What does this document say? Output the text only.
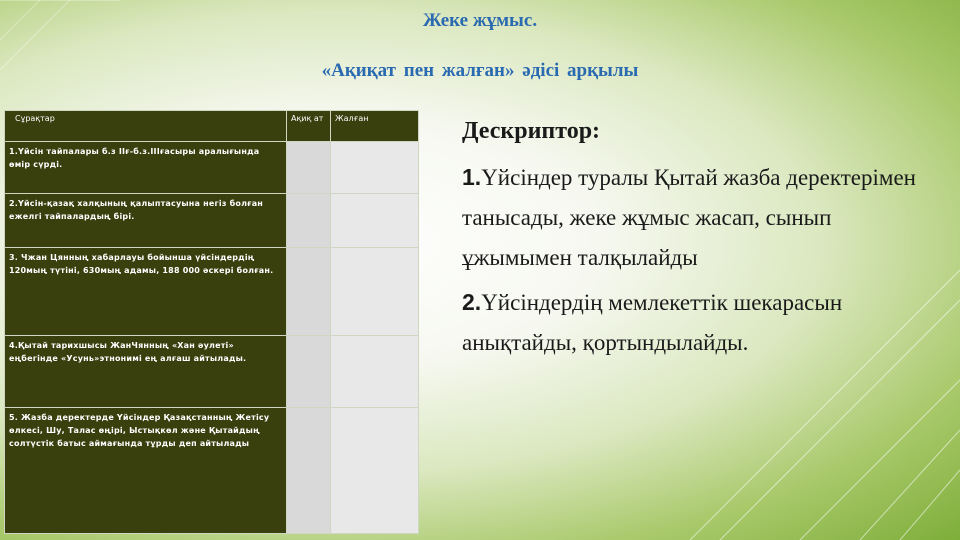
Жеке жұмыс.
«Ақиқат пен жалған» әдісі арқылы
Сұрақтар	Ақиқ ат	Жалған
1.Үйсін тайпалары б.з IIғ-б.з.IIIғасыры аралығында өмір сүрді.		
2.Үйсін-қазақ халқының қалыптасуына негіз болған ежелгі тайпалардың бірі.		
3. Чжан Цянның хабарлауы бойынша үйсіндердің 120мың түтіні, 630мың адамы, 188 000 әскері болған.		
4.Қытай тарихшысы ЖанЧянның «Хан әулеті» еңбегінде «Усунь»этнонимі ең алғаш айтылады.		
5. Жазба деректерде Үйсіндер Қазақстанның Жетісу өлкесі, Шу, Талас өңірі, Ыстықкөл және Қытайдың солтүстік батыс аймағында тұрды деп айтылады		
Дескриптор:

1.Үйсіндер туралы Қытай жазба деректерімен танысады, жеке жұмыс жасап, сынып ұжымымен талқылайды

2.Үйсіндердің мемлекеттік шекарасын анықтайды, қортындылайды.
